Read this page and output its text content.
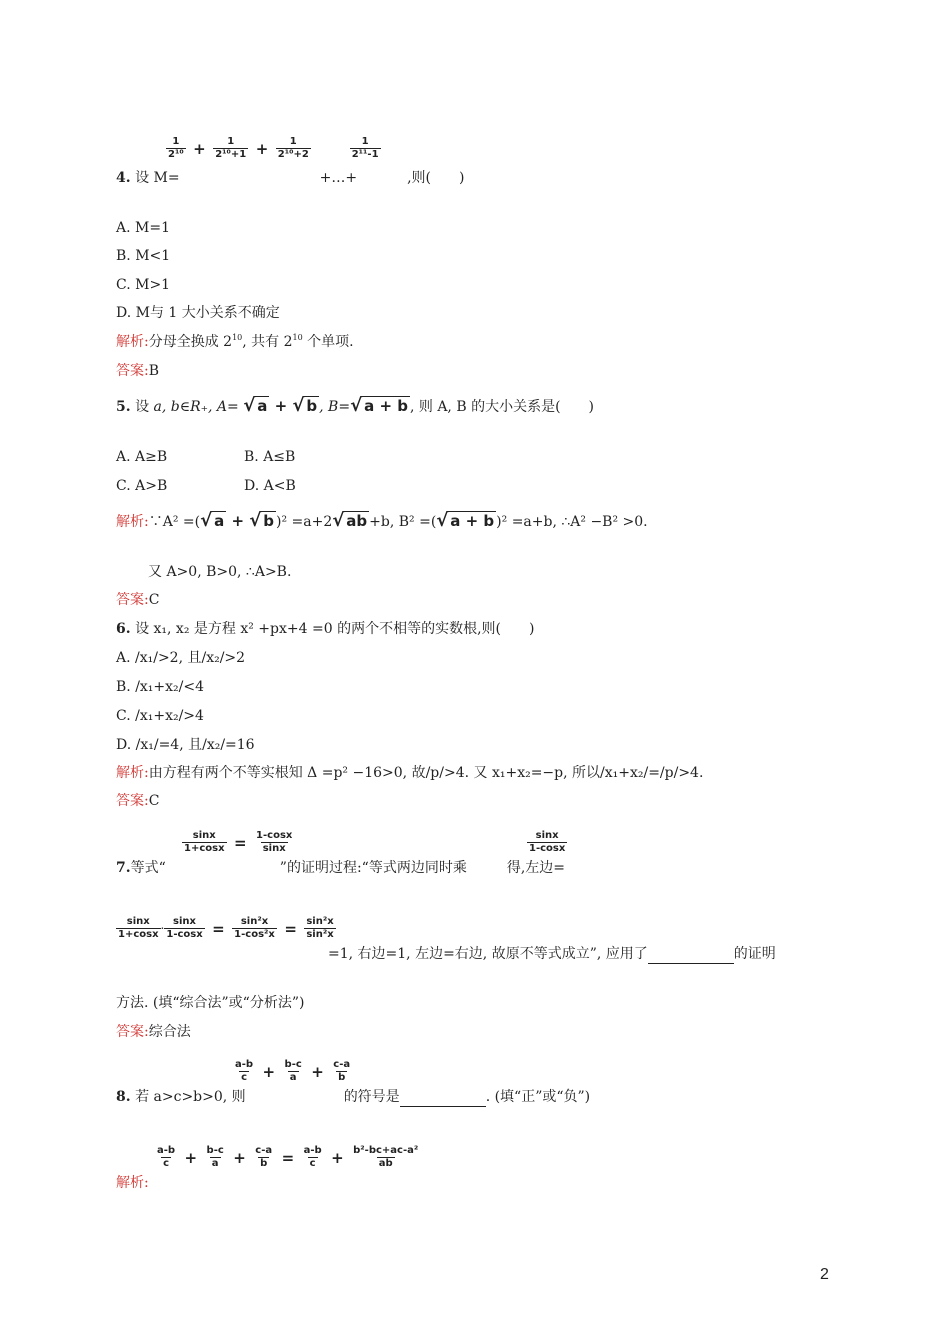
$\frac{1}{\text{2¹⁰}} + \frac{1}{\text{2¹⁰+1}} + \frac{1}{\text{2¹⁰+2}}$
	$\frac{1}{\text{2¹¹-1}}$
4. 设 M=	+…+	,则(　　)
A. M=1
B. M<1
C. M>1
D. M与 1 大小关系不确定
解析:分母全换成 $2^{10}$, 共有 $2^{10}$ 个单项.
答案:B
5. 设 a, b∈R₊, A= √ a + √ b , B=√ a + b , 则 A, B 的大小关系是(　　)
A. A≥B	B. A≤B
C. A>B	D. A<B
解析:∵A² =(√ a + √ b )² =a+2√ ab +b, B² =(√ a + b )² =a+b, ∴A² −B² >0.
又 A>0, B>0, ∴A>B.
答案:C
6. 设 x₁, x₂ 是方程 x² +px+4 =0 的两个不相等的实数根,则(　　)
A. /x₁/>2, 且/x₂/>2
B. /x₁+x₂/<4
C. /x₁+x₂/>4
D. /x₁/=4, 且/x₂/=16
解析:由方程有两个不等实根知 Δ =p² −16>0, 故/p/>4. 又 x₁+x₂=−p, 所以/x₁+x₂/=/p/>4.
答案:C
$\frac{\sin x}{1+\cos x} = \frac{1-\cos x}{\sin x}$	$\frac{\sin x}{1-\cos x}$
7.等式“	”的证明过程:“等式两边同时乘	得,左边=
$\frac{\sin x}{1+\cos x} \cdot \frac{\sin x}{1-\cos x} = \frac{\text{sin²x}}{\text{1-cos²x}} = \frac{\text{sin²x}}{\text{sin²x}}$
=1, 右边=1, 左边=右边, 故原不等式成立”, 应用了	的证明
方法. (填“综合法”或“分析法”)
答案:综合法
$\frac{a-b}{c} + \frac{b-c}{a} + \frac{c-a}{b}$
8. 若 a>c>b>0, 则	的符号是	. (填“正”或“负”)
$\frac{a-b}{c} + \frac{b-c}{a} + \frac{c-a}{b} = \frac{a-b}{c} + \frac{\text{b²-bc+ac-a²}}{ab}$
解析:
2
